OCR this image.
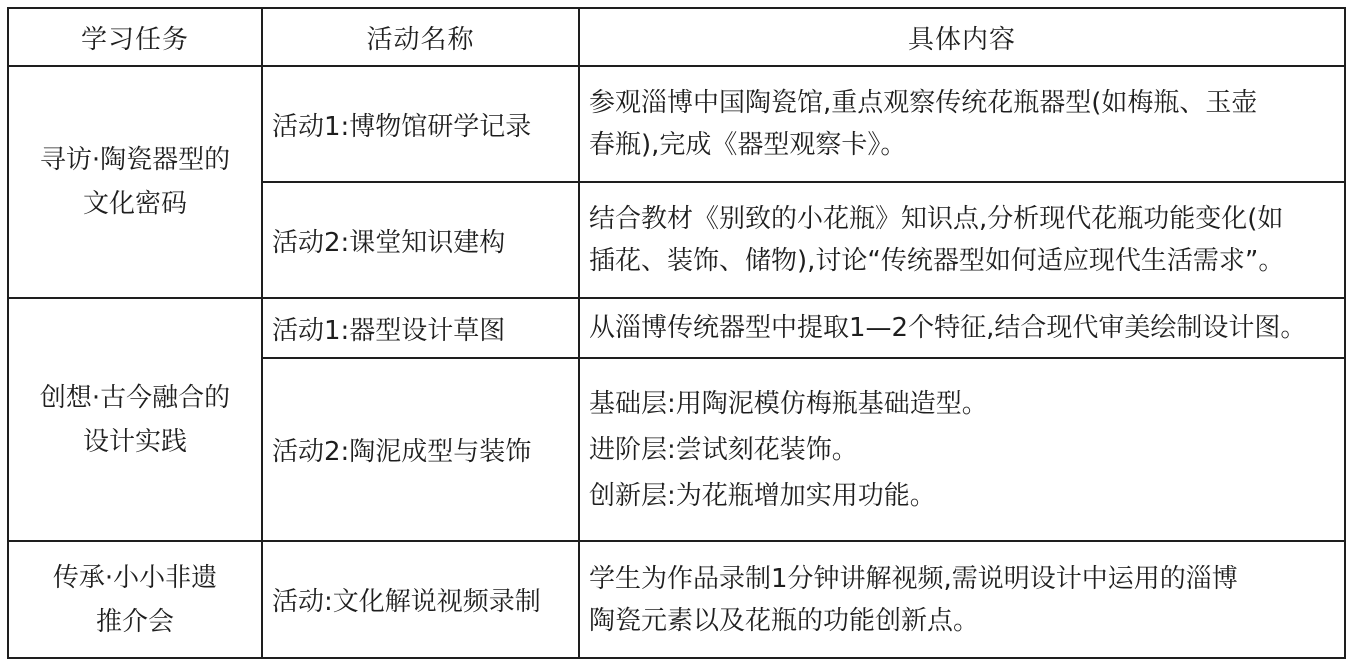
学习任务	活动名称	具体内容

寻访·陶瓷器型的
文化密码	活动1:博物馆研学记录	参观淄博中国陶瓷馆,重点观察传统花瓶器型(如梅瓶、玉壶
春瓶),完成《器型观察卡》。

	活动2:课堂知识建构	结合教材《别致的小花瓶》知识点,分析现代花瓶功能变化(如
插花、装饰、储物),讨论“传统器型如何适应现代生活需求”。

创想·古今融合的
设计实践	活动1:器型设计草图	从淄博传统器型中提取1—2个特征,结合现代审美绘制设计图。

	活动2:陶泥成型与装饰	基础层:用陶泥模仿梅瓶基础造型。
进阶层:尝试刻花装饰。
创新层:为花瓶增加实用功能。

传承·小小非遗
推介会	活动:文化解说视频录制	学生为作品录制1分钟讲解视频,需说明设计中运用的淄博
陶瓷元素以及花瓶的功能创新点。
